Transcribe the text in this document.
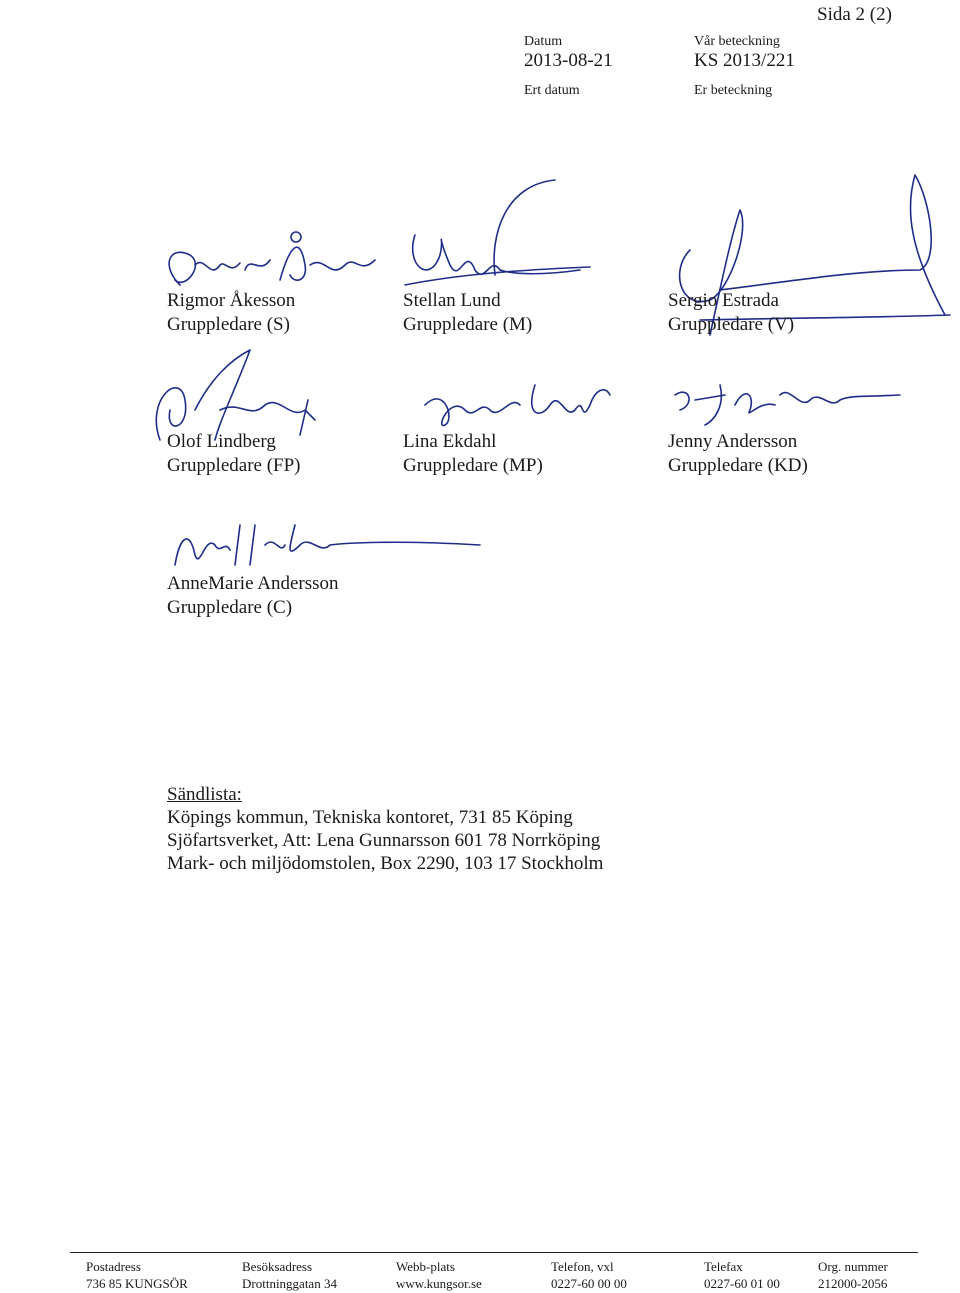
Sida 2 (2)
Datum
2013-08-21
Ert datum
Vår beteckning
KS 2013/221
Er beteckning
Rigmor Åkesson
Gruppledare (S)
Stellan Lund
Gruppledare (M)
Sergio Estrada
Gruppledare (V)
Olof Lindberg
Gruppledare (FP)
Lina Ekdahl
Gruppledare (MP)
Jenny Andersson
Gruppledare (KD)
AnneMarie Andersson
Gruppledare (C)
Sändlista:
Köpings kommun, Tekniska kontoret, 731 85 Köping
Sjöfartsverket, Att: Lena Gunnarsson 601 78 Norrköping
Mark- och miljödomstolen, Box 2290, 103 17 Stockholm
Postadress
736 85 KUNGSÖR
Besöksadress
Drottninggatan 34
Webb-plats
www.kungsor.se
Telefon, vxl
0227-60 00 00
Telefax
0227-60 01 00
Org. nummer
212000-2056
